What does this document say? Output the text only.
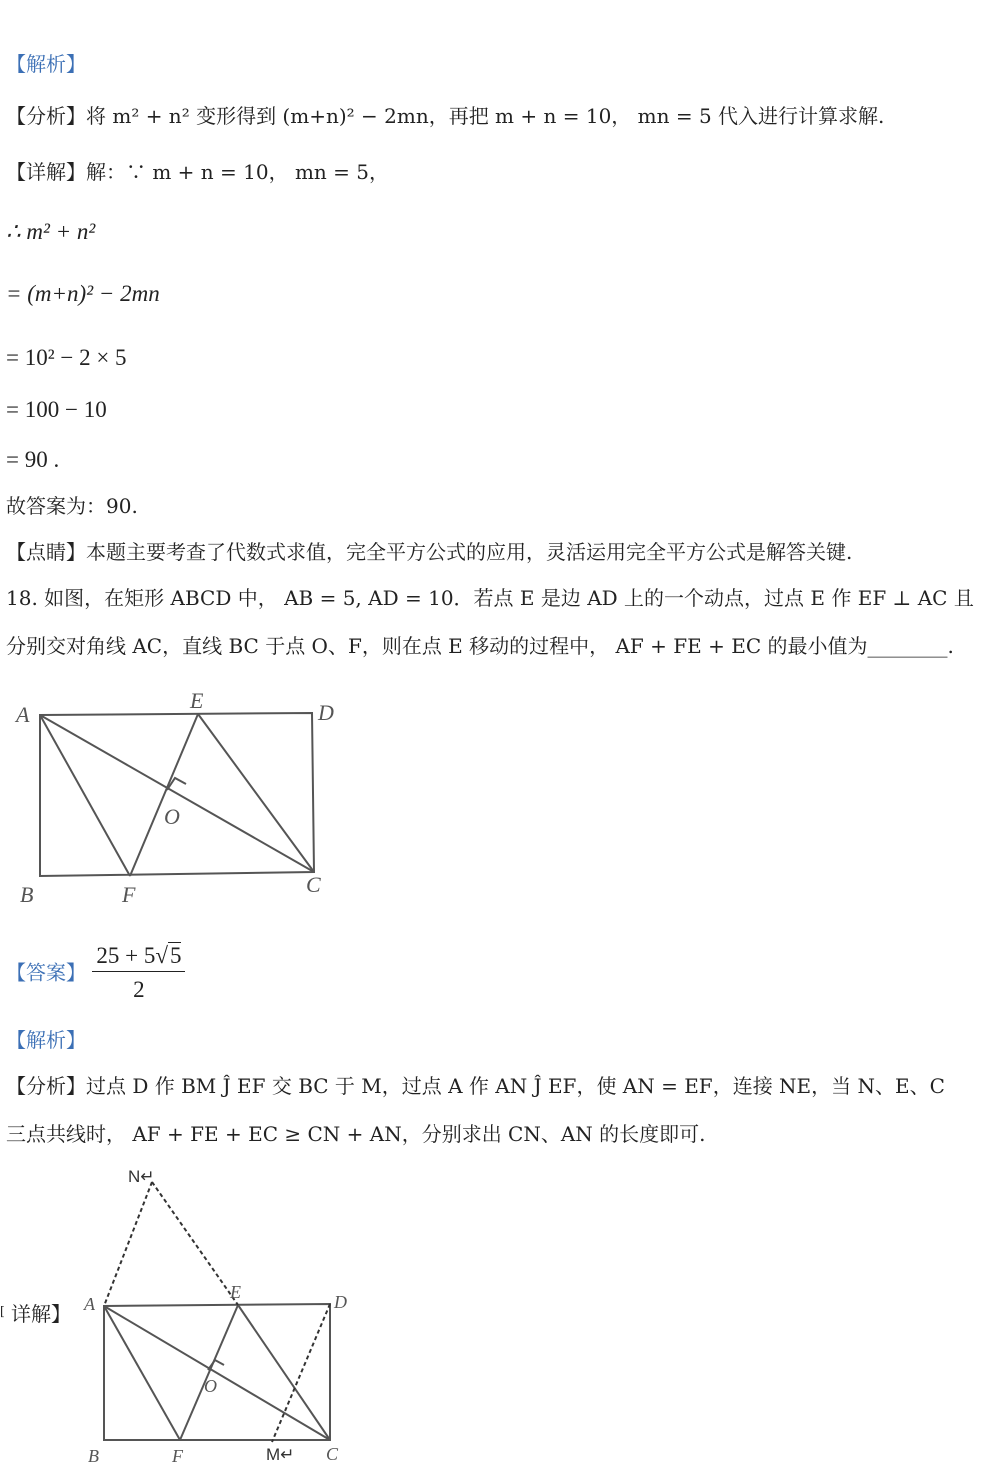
【解析】
【分析】将 m² + n² 变形得到 (m+n)² − 2mn，再把 m + n = 10， mn = 5 代入进行计算求解.
【详解】解：∵ m + n = 10， mn = 5，
∴ m² + n²
= (m+n)² − 2mn
= 10² − 2 × 5
= 100 − 10
= 90 .
故答案为：90.
【点睛】本题主要考查了代数式求值，完全平方公式的应用，灵活运用完全平方公式是解答关键.
18. 如图，在矩形 ABCD 中， AB = 5, AD = 10．若点 E 是边 AD 上的一个动点，过点 E 作 EF ⊥ AC 且
分别交对角线 AC，直线 BC 于点 O、F，则在点 E 移动的过程中， AF + FE + EC 的最小值为________.
A
E	D
O
B	F	C
【答案】 $\frac{25 + 5√5}{2}$
【解析】
【分析】过点 D 作 BM Ĵ EF 交 BC 于 M，过点 A 作 AN Ĵ EF，使 AN = EF，连接 NE，当 N、E、C
三点共线时， AF + FE + EC ≥ CN + AN，分别求出 CN、AN 的长度即可.
[ 详解】 A
E	D
O
B	F	C
N↵
M↵
